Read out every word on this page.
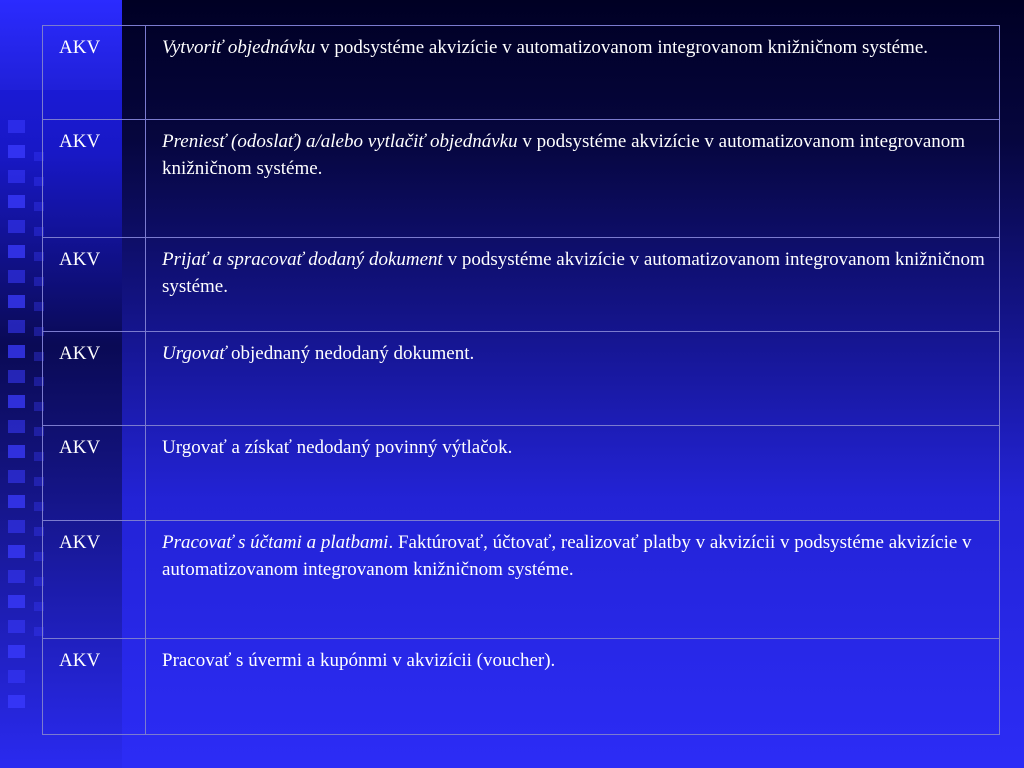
AKV	Vytvoriť objednávku v podsystéme akvizície v automatizovanom integrovanom knižničnom systéme.
AKV	Preniesť (odoslať) a/alebo vytlačiť objednávku v podsystéme akvizície v automatizovanom integrovanom knižničnom systéme.
AKV	Prijať a spracovať dodaný dokument v podsystéme akvizície v automatizovanom integrovanom knižničnom systéme.
AKV	Urgovať objednaný nedodaný dokument.
AKV	Urgovať a získať nedodaný povinný výtlačok.
AKV	Pracovať s účtami a platbami. Faktúrovať, účtovať, realizovať platby v akvizícii v podsystéme akvizície v automatizovanom integrovanom knižničnom systéme.
AKV	Pracovať s úvermi a kupónmi v akvizícii (voucher).
